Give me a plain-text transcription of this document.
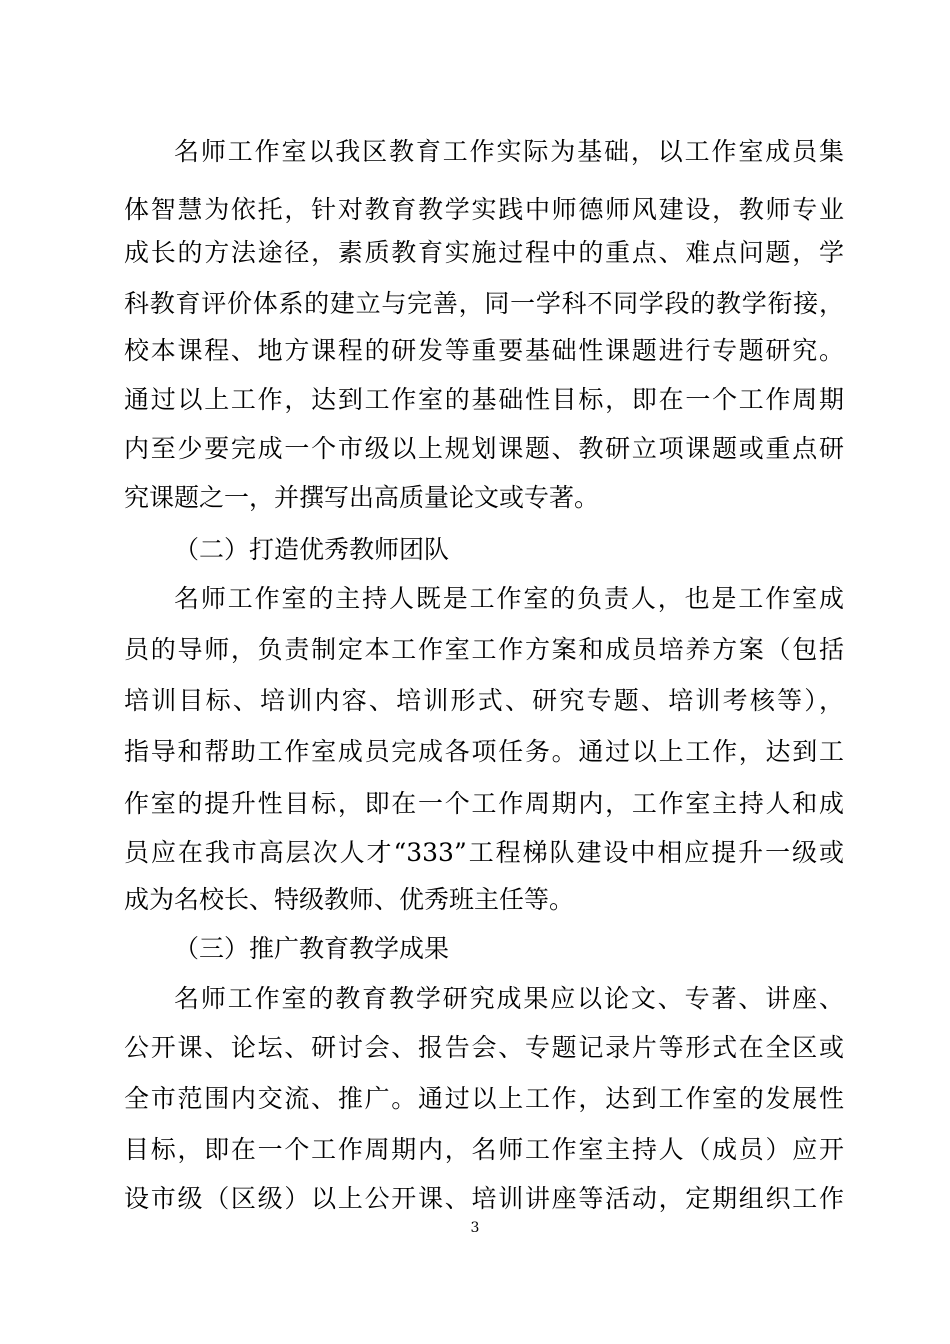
名师工作室以我区教育工作实际为基础，以工作室成员集
体智慧为依托，针对教育教学实践中师德师风建设，教师专业
成长的方法途径，素质教育实施过程中的重点、难点问题，学
科教育评价体系的建立与完善，同一学科不同学段的教学衔接，
校本课程、地方课程的研发等重要基础性课题进行专题研究。
通过以上工作，达到工作室的基础性目标，即在一个工作周期
内至少要完成一个市级以上规划课题、教研立项课题或重点研
究课题之一，并撰写出高质量论文或专著。
（二）打造优秀教师团队
名师工作室的主持人既是工作室的负责人，也是工作室成
员的导师，负责制定本工作室工作方案和成员培养方案（包括
培训目标、培训内容、培训形式、研究专题、培训考核等），
指导和帮助工作室成员完成各项任务。通过以上工作，达到工
作室的提升性目标，即在一个工作周期内，工作室主持人和成
员应在我市高层次人才“333”工程梯队建设中相应提升一级或
成为名校长、特级教师、优秀班主任等。
（三）推广教育教学成果
名师工作室的教育教学研究成果应以论文、专著、讲座、
公开课、论坛、研讨会、报告会、专题记录片等形式在全区或
全市范围内交流、推广。通过以上工作，达到工作室的发展性
目标，即在一个工作周期内，名师工作室主持人（成员）应开
设市级（区级）以上公开课、培训讲座等活动，定期组织工作
3
